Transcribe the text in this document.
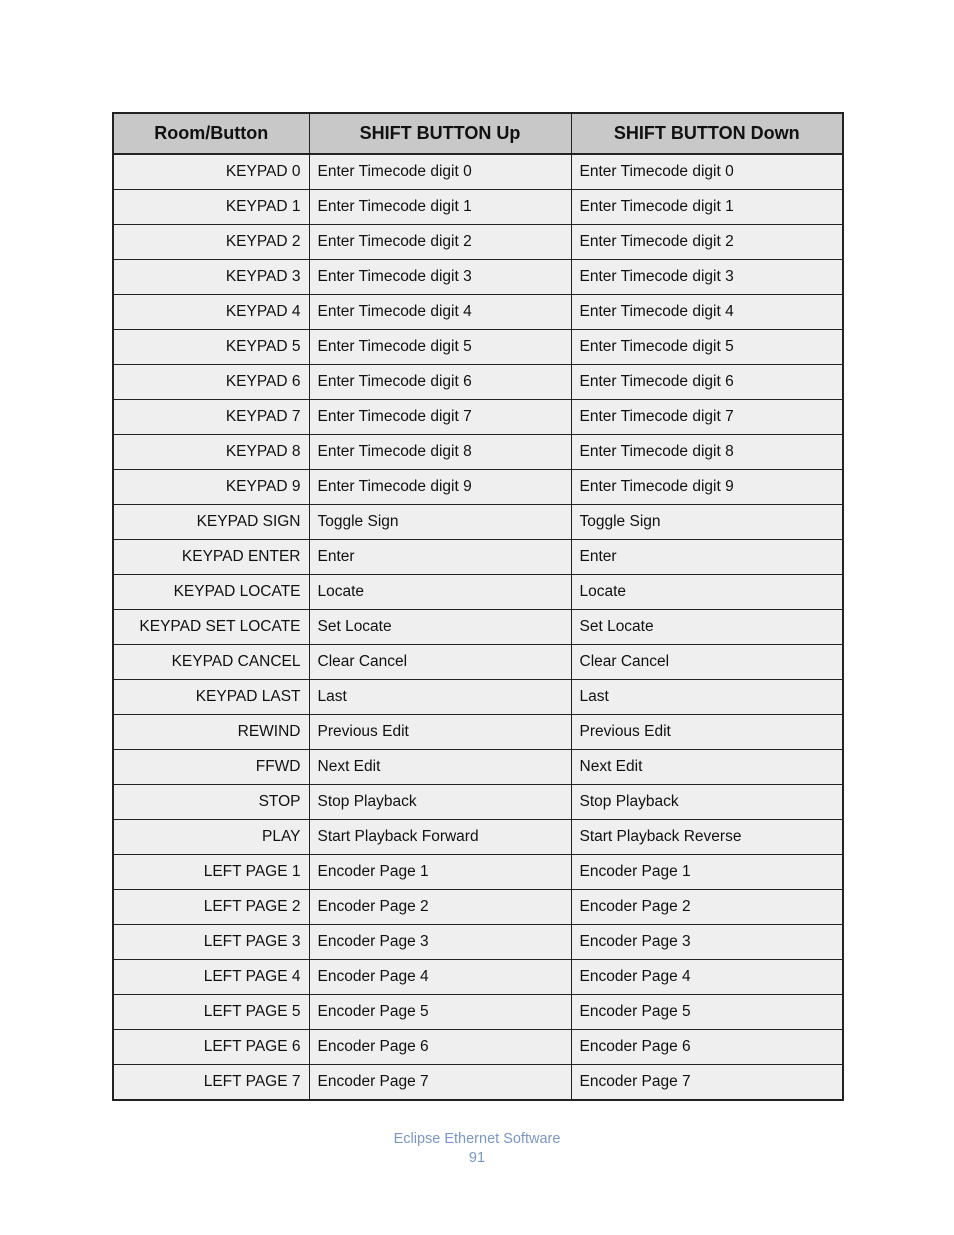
Room/Button	SHIFT BUTTON Up	SHIFT BUTTON Down
KEYPAD 0	Enter Timecode digit 0	Enter Timecode digit 0
KEYPAD 1	Enter Timecode digit 1	Enter Timecode digit 1
KEYPAD 2	Enter Timecode digit 2	Enter Timecode digit 2
KEYPAD 3	Enter Timecode digit 3	Enter Timecode digit 3
KEYPAD 4	Enter Timecode digit 4	Enter Timecode digit 4
KEYPAD 5	Enter Timecode digit 5	Enter Timecode digit 5
KEYPAD 6	Enter Timecode digit 6	Enter Timecode digit 6
KEYPAD 7	Enter Timecode digit 7	Enter Timecode digit 7
KEYPAD 8	Enter Timecode digit 8	Enter Timecode digit 8
KEYPAD 9	Enter Timecode digit 9	Enter Timecode digit 9
KEYPAD SIGN	Toggle Sign	Toggle Sign
KEYPAD ENTER	Enter	Enter
KEYPAD LOCATE	Locate	Locate
KEYPAD SET LOCATE	Set Locate	Set Locate
KEYPAD CANCEL	Clear Cancel	Clear Cancel
KEYPAD LAST	Last	Last
REWIND	Previous Edit	Previous Edit
FFWD	Next Edit	Next Edit
STOP	Stop Playback	Stop Playback
PLAY	Start Playback Forward	Start Playback Reverse
LEFT PAGE 1	Encoder Page 1	Encoder Page 1
LEFT PAGE 2	Encoder Page 2	Encoder Page 2
LEFT PAGE 3	Encoder Page 3	Encoder Page 3
LEFT PAGE 4	Encoder Page 4	Encoder Page 4
LEFT PAGE 5	Encoder Page 5	Encoder Page 5
LEFT PAGE 6	Encoder Page 6	Encoder Page 6
LEFT PAGE 7	Encoder Page 7	Encoder Page 7
Eclipse Ethernet Software
91
